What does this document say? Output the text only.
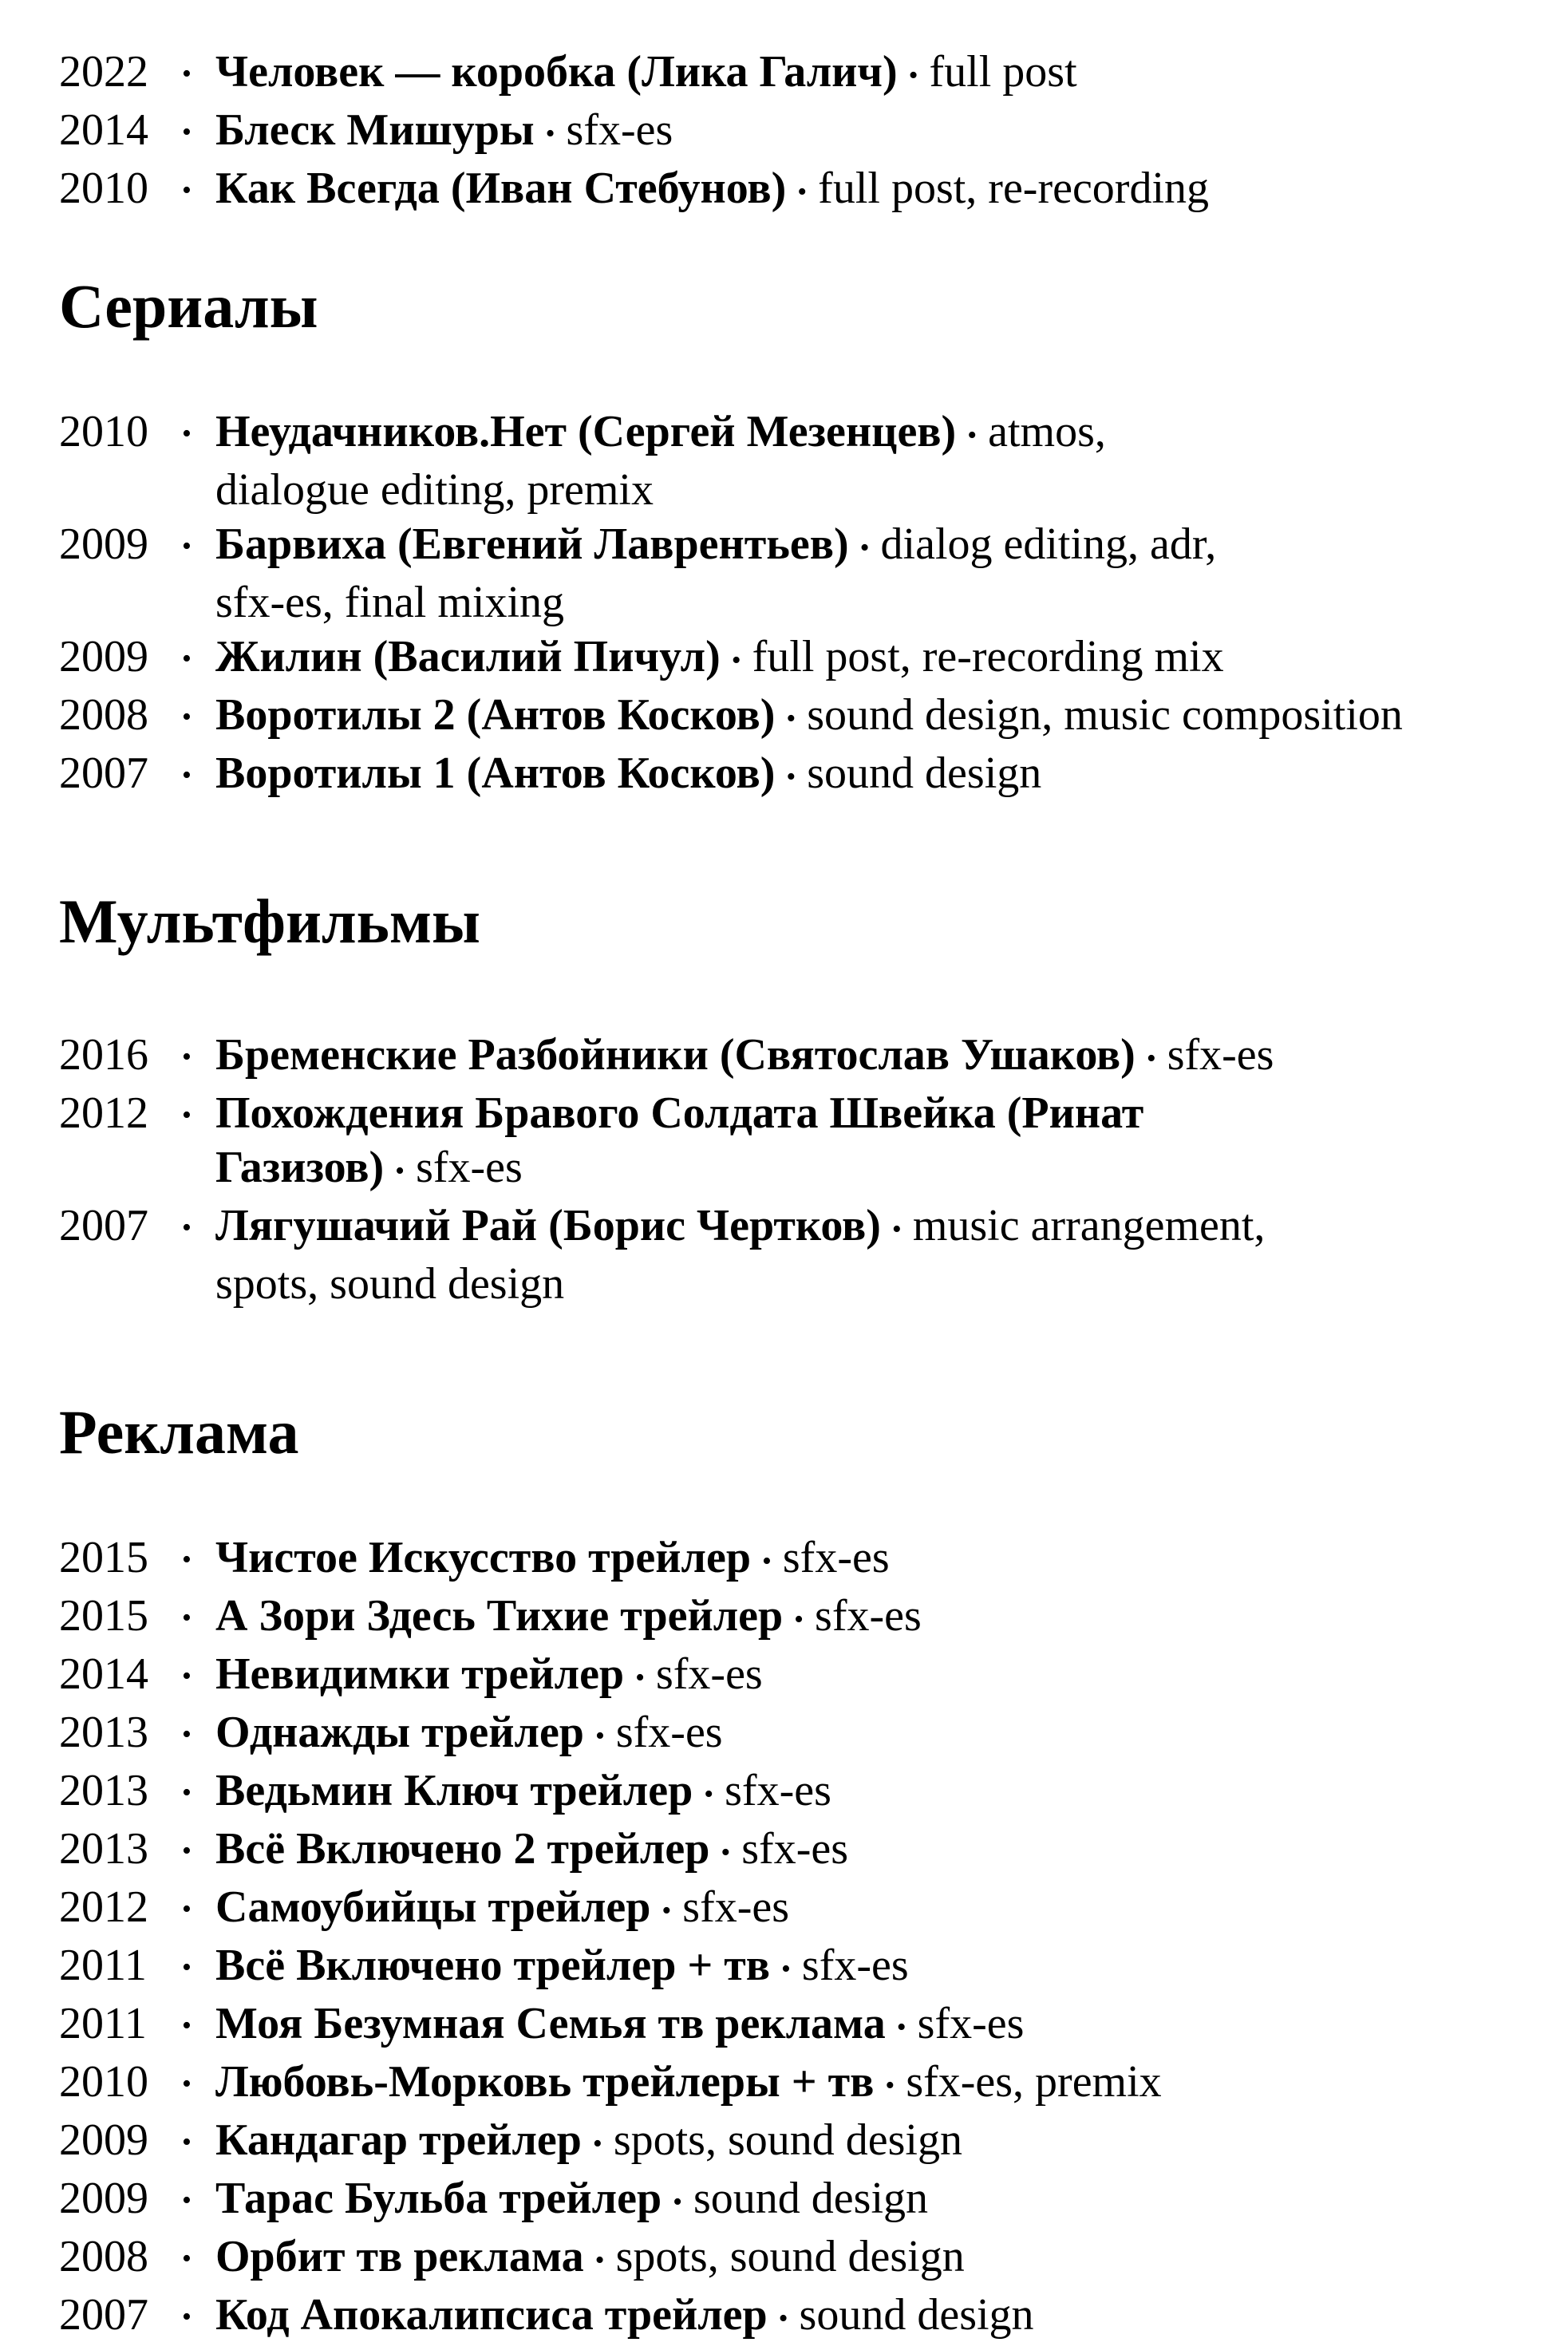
2022	• Человек — коробка (Лика Галич) • full post
2014	• Блеск Мишуры • sfx-es
2010	• Как Всегда (Иван Стебунов) • full post, re-recording
Сериалы
2010	• Неудачников.Нет (Сергей Мезенцев) • atmos,
dialogue editing, premix
2009	• Барвиха (Евгений Лаврентьев) • dialog editing, adr,
sfx-es, final mixing
2009	• Жилин (Василий Пичул) • full post, re-recording mix
2008	• Воротилы 2 (Антов Косков) • sound design, music composition
2007	• Воротилы 1 (Антов Косков) • sound design
Мультфильмы
2016	• Бременские Разбойники (Святослав Ушаков) • sfx-es
2012	• Похождения Бравого Солдата Швейка (Ринат
Газизов) • sfx-es
2007	• Лягушачий Рай (Борис Чертков) • music arrangement,
spots, sound design
Реклама
2015	• Чистое Искусство трейлер • sfx-es
2015	• А Зори Здесь Тихие трейлер • sfx-es
2014	• Невидимки трейлер • sfx-es
2013	• Однажды трейлер • sfx-es
2013	• Ведьмин Ключ трейлер • sfx-es
2013	• Всё Включено 2 трейлер • sfx-es
2012	• Самоубийцы трейлер • sfx-es
2011	• Всё Включено трейлер + тв • sfx-es
2011	• Моя Безумная Семья тв реклама • sfx-es
2010	• Любовь-Морковь трейлеры + тв • sfx-es, premix
2009	• Кандагар трейлер • spots, sound design
2009	• Тарас Бульба трейлер • sound design
2008	• Орбит тв реклама • spots, sound design
2007	• Код Апокалипсиса трейлер • sound design
